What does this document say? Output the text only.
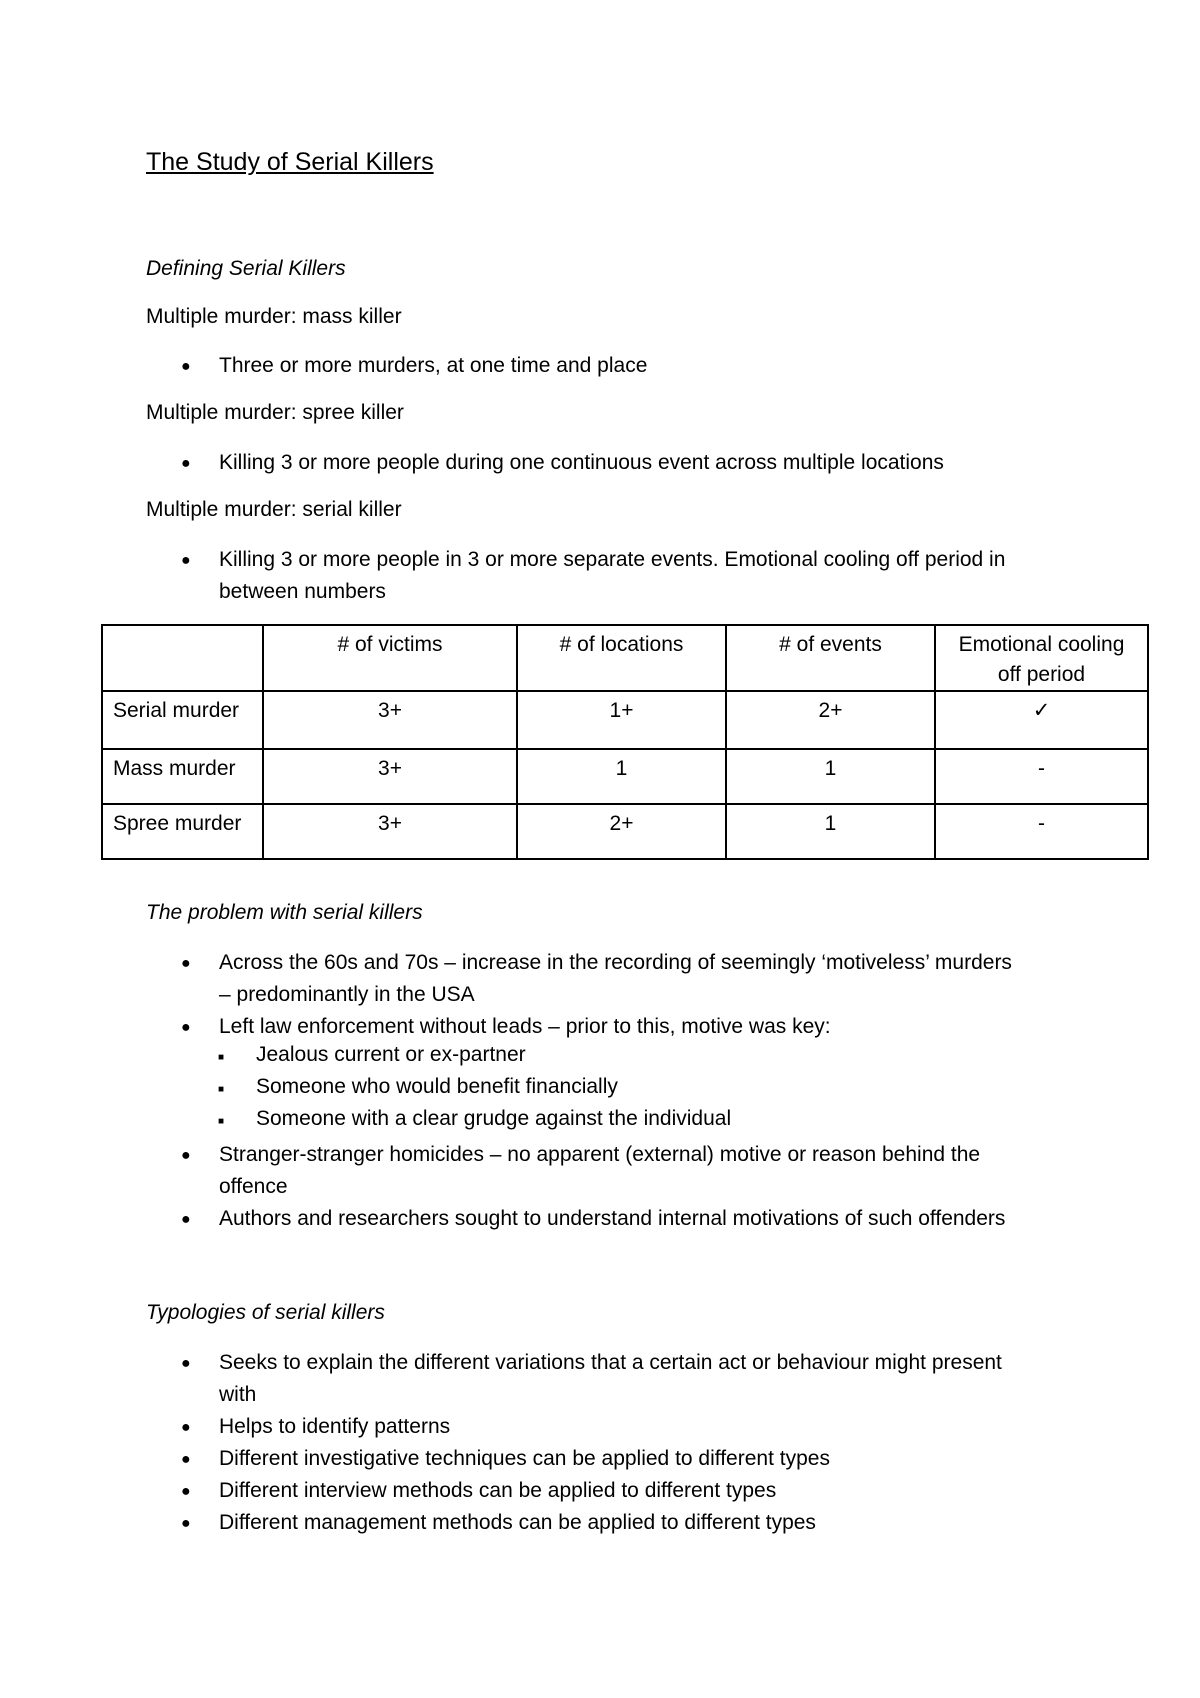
The Study of Serial Killers
Defining Serial Killers
Multiple murder: mass killer
● Three or more murders, at one time and place
Multiple murder: spree killer
● Killing 3 or more people during one continuous event across multiple locations
Multiple murder: serial killer
● Killing 3 or more people in 3 or more separate events. Emotional cooling off period in
between numbers
	# of victims	# of locations	# of events	Emotional cooling off period
Serial murder	3+	1+	2+	✓
Mass murder	3+	1	1	-
Spree murder	3+	2+	1	-
The problem with serial killers
● Across the 60s and 70s – increase in the recording of seemingly ‘motiveless’ murders
– predominantly in the USA
● Left law enforcement without leads – prior to this, motive was key:
■ Jealous current or ex-partner
■ Someone who would benefit financially
■ Someone with a clear grudge against the individual
● Stranger-stranger homicides – no apparent (external) motive or reason behind the
offence
● Authors and researchers sought to understand internal motivations of such offenders
Typologies of serial killers
● Seeks to explain the different variations that a certain act or behaviour might present
with
● Helps to identify patterns
● Different investigative techniques can be applied to different types
● Different interview methods can be applied to different types
● Different management methods can be applied to different types
